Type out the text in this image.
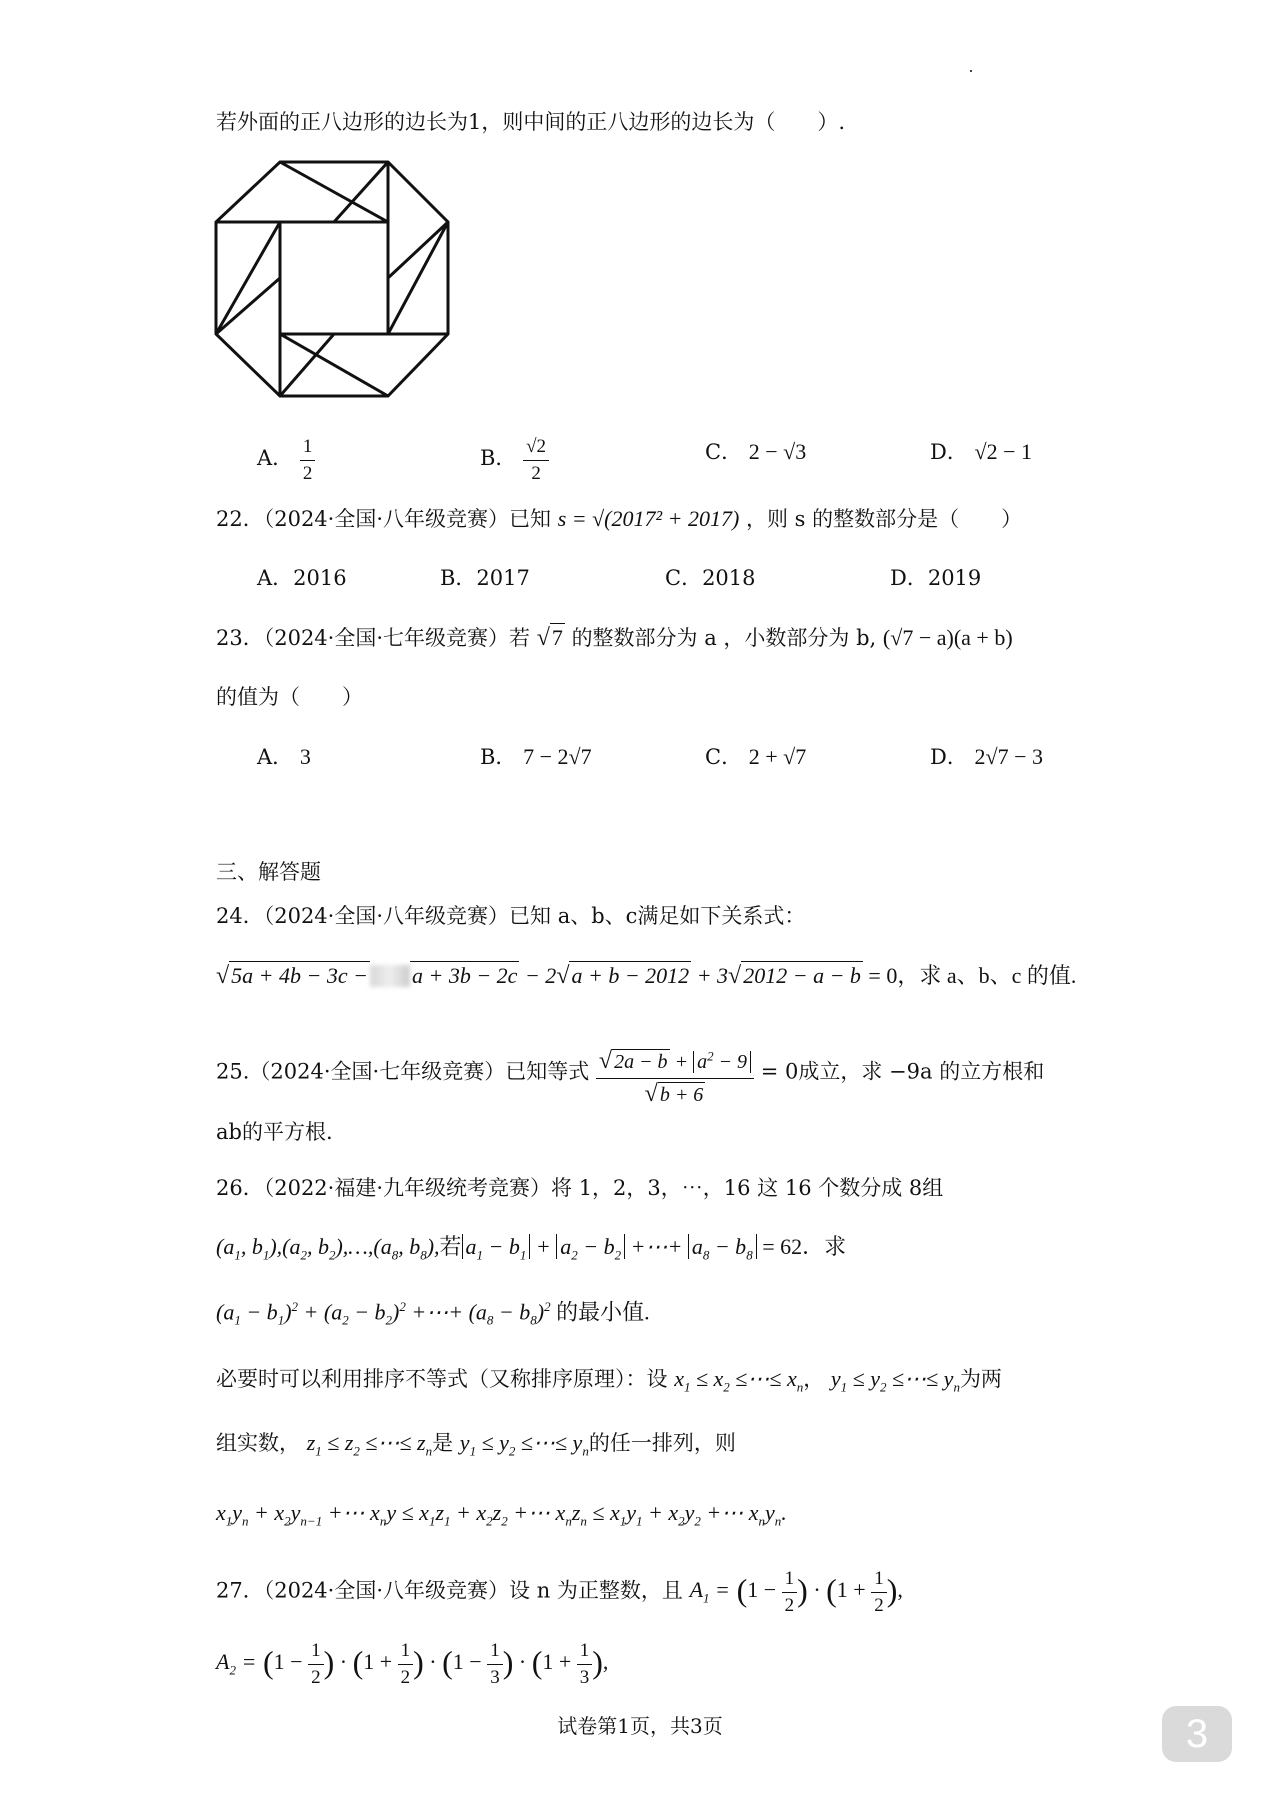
若外面的正八边形的边长为1，则中间的正八边形的边长为（　　）.
A． $\frac{1}{2}$	B． $\frac{√2}{2}$	C． 2 − √3	D． √2 − 1
22．（2024·全国·八年级竞赛）已知 s = √(2017² + 2017) ，则 s 的整数部分是（　　）
A．2016	B．2017	C．2018	D．2019
23．（2024·全国·七年级竞赛）若 √7 的整数部分为 a ，小数部分为 b, (√7 − a)(a + b)
的值为（　　）
A． 3	B． 7 − 2√7	C． 2 + √7	D． 2√7 − 3
三、解答题
24．（2024·全国·八年级竞赛）已知 a、b、c满足如下关系式：
√5a + 4b − 3c − a + 3b − 2c − 2√a + b − 2012 + 3√2012 − a − b = 0，求 a、b、c 的值.
25.（2024·全国·七年级竞赛）已知等式 $\frac{√ 2a - b + a^2 - 9}{√ b + 6} = 0$成立，求 −9a 的立方根和
ab的平方根.
26．（2022·福建·九年级统考竞赛）将 1，2，3，⋯，16 这 16 个数分成 8组
($a_1$, $b_1),(a_2$, $b_2),\dots,(a_8$, $b_8$),若 $a_1 - b_1 + a_2 - b_2$ +⋯+ $a_8 - b_8 = 62$．求
$(a_1 - b_1)^2 + (a_2 - b_2)^2$ +⋯+ $(a_8 - b_8)^2$ 的最小值.
必要时可以利用排序不等式（又称排序原理）：设 $x_1 \le x_2$ ≤⋯≤ $x_n$， $y_1 \le y_2$ ≤⋯≤ $y_n$为两
组实数， $z_1 \le z_2$ ≤⋯≤ $z_n$是 $y_1 \le y_2$ ≤⋯≤ $y_n$的任一排列，则
$x_1y_n + x_2y_{n-1}$ +⋯ $x_ny \le x_1z_1 + x_2z_2$ +⋯ $x_nz_n \le x_1y_1 + x_2y_2$ +⋯ $x_ny_n$.
27．（2024·全国·八年级竞赛）设 n 为正整数，且 $A_1 = (1 - \frac{1}{2}$ ) · ($1 + \frac{1}{2}$ ),
$A_2 = (1 - \frac{1}{2}$ ) · ($1 + \frac{1}{2}$ ) · ($1 - \frac{1}{3}$ ) · ($1 + \frac{1}{3}$ ),
试卷第1页，共3页	3
